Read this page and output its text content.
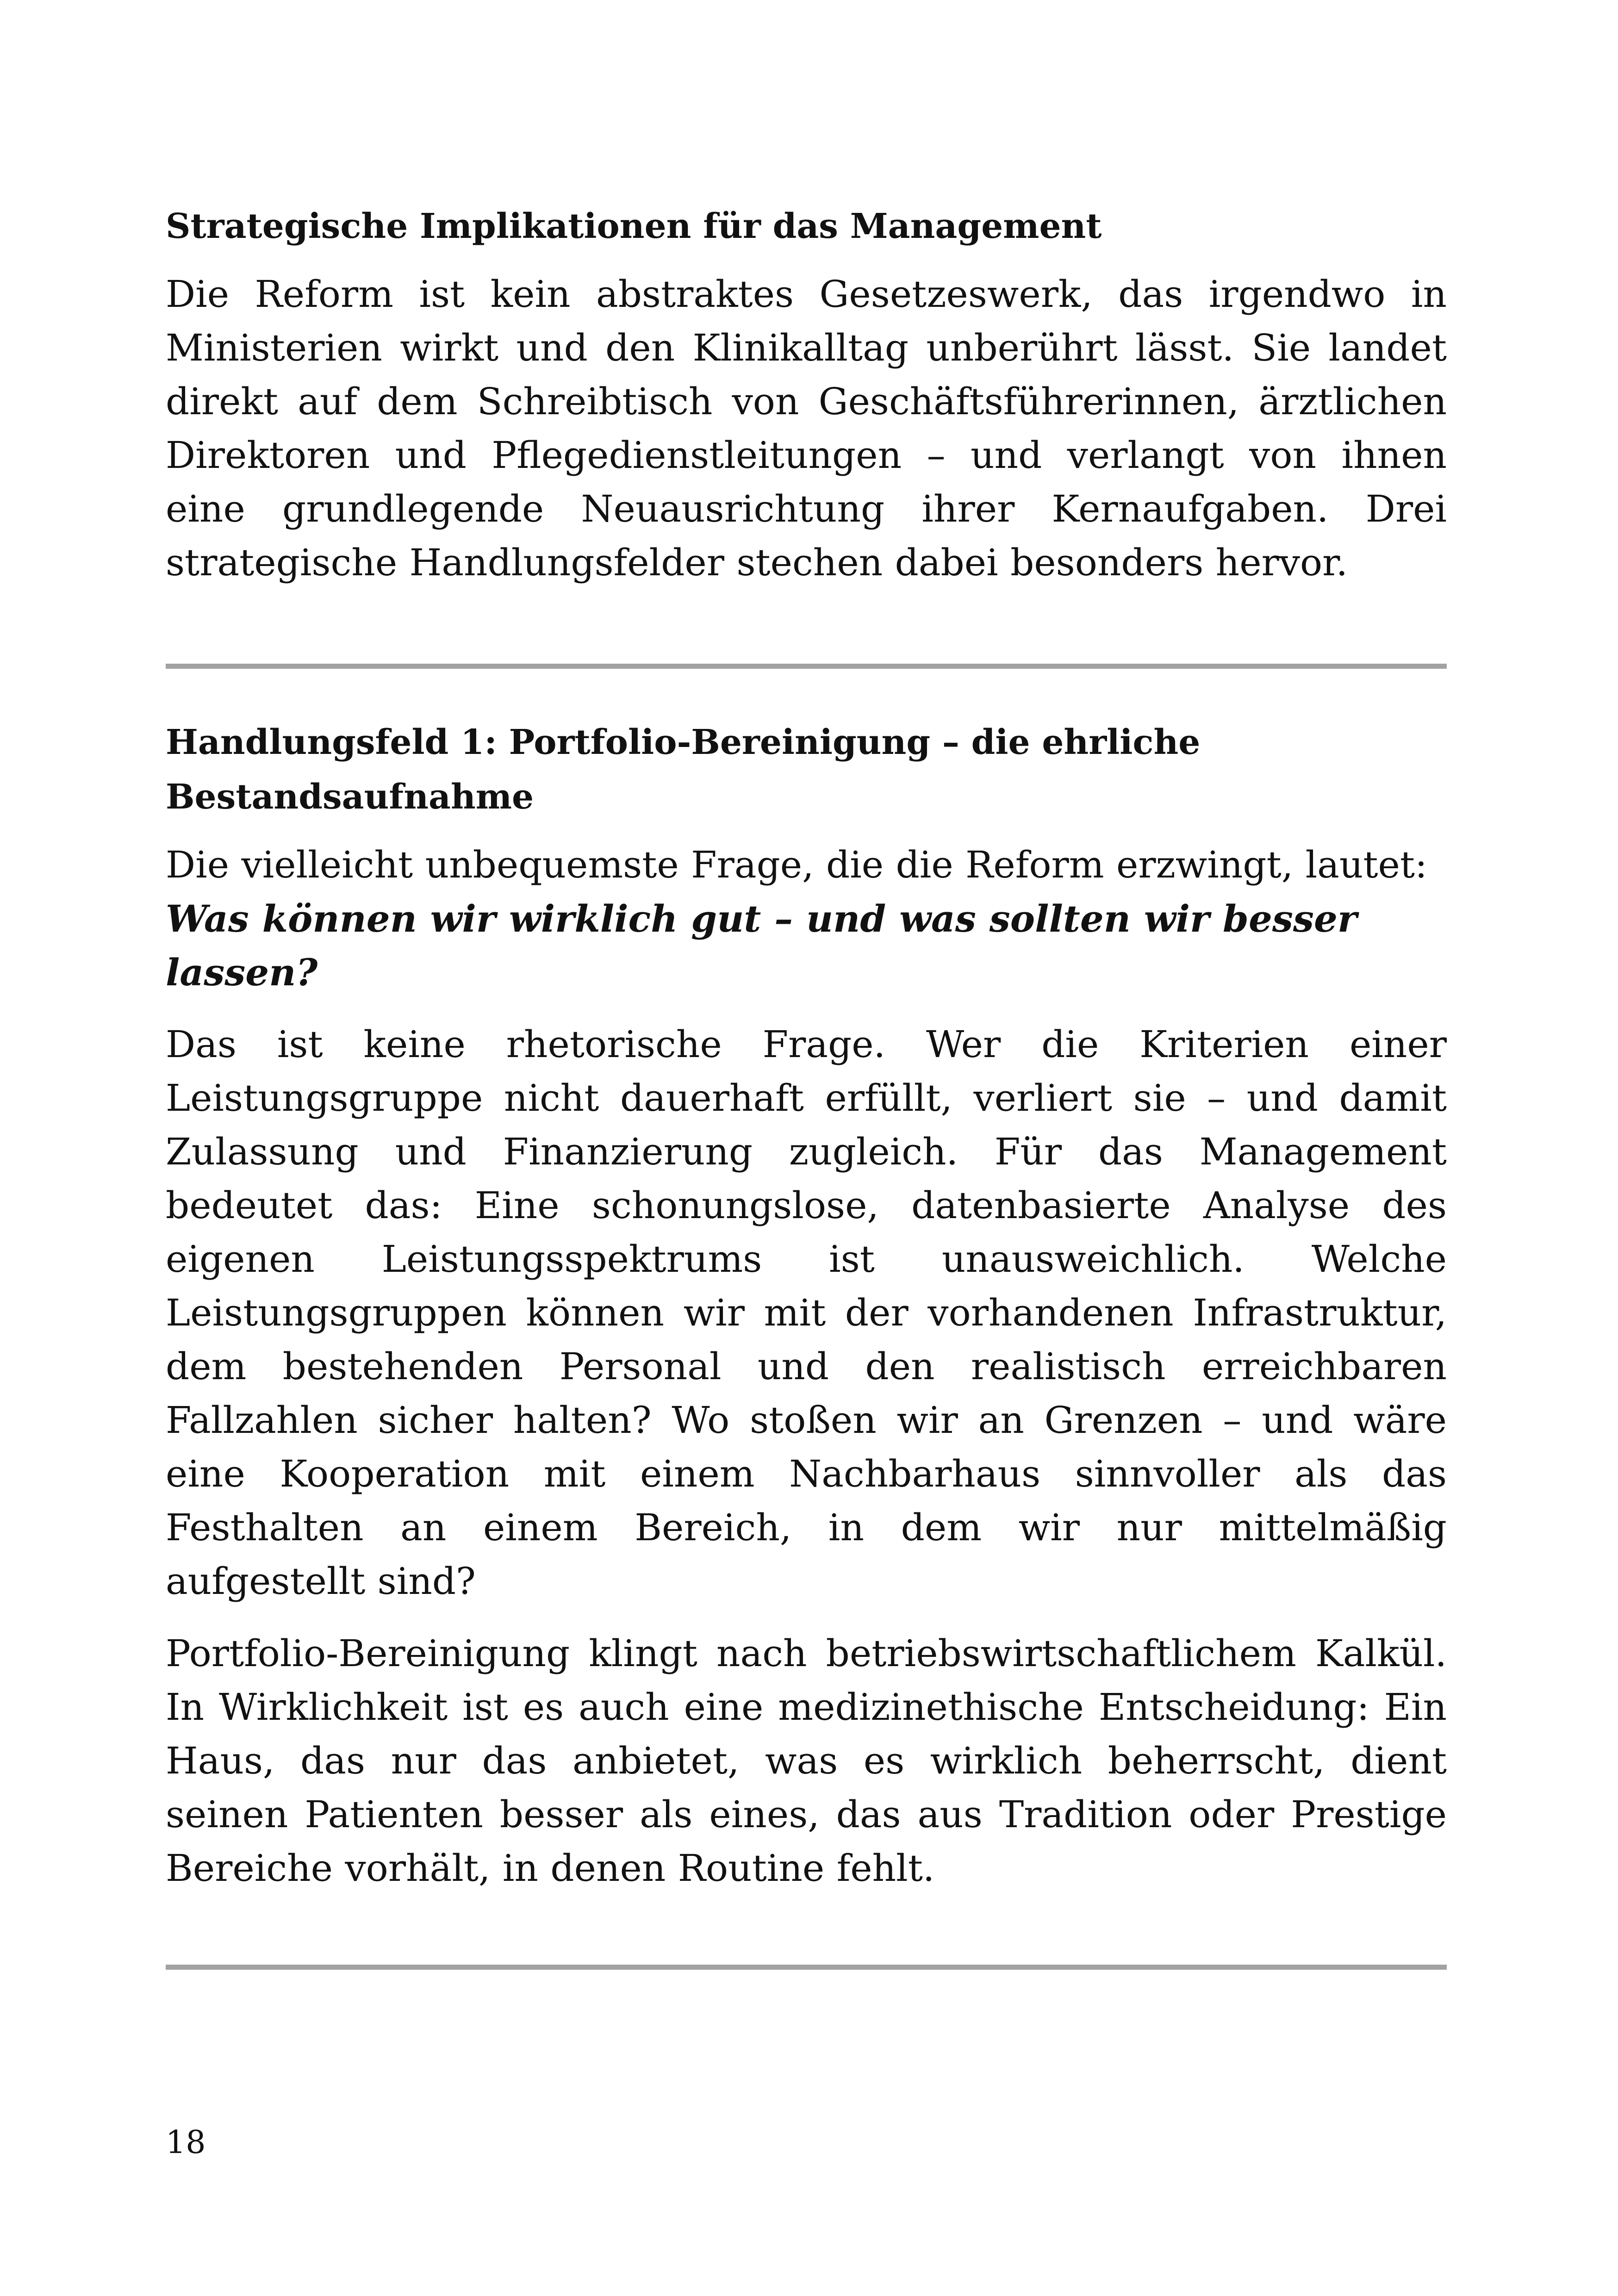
Strategische Implikationen für das Management

Die Reform ist kein abstraktes Gesetzeswerk, das irgendwo in Ministerien wirkt und den Klinikalltag unberührt lässt. Sie landet direkt auf dem Schreibtisch von Geschäftsführerinnen, ärztlichen Direktoren und Pflegedienstleitungen – und verlangt von ihnen eine grundlegende Neuausrichtung ihrer Kernaufgaben. Drei strategische Handlungsfelder stechen dabei besonders hervor.

Handlungsfeld 1: Portfolio-Bereinigung – die ehrliche Bestandsaufnahme

Die vielleicht unbequemste Frage, die die Reform erzwingt, lautet:
Was können wir wirklich gut – und was sollten wir besser lassen?

Das ist keine rhetorische Frage. Wer die Kriterien einer Leistungsgruppe nicht dauerhaft erfüllt, verliert sie – und damit Zulassung und Finanzierung zugleich. Für das Management bedeutet das: Eine schonungslose, datenbasierte Analyse des eigenen Leistungsspektrums ist unausweichlich. Welche Leistungsgruppen können wir mit der vorhandenen Infrastruktur, dem bestehenden Personal und den realistisch erreichbaren Fallzahlen sicher halten? Wo stoßen wir an Grenzen – und wäre eine Kooperation mit einem Nachbarhaus sinnvoller als das Festhalten an einem Bereich, in dem wir nur mittelmäßig aufgestellt sind?

Portfolio-Bereinigung klingt nach betriebswirtschaftlichem Kalkül. In Wirklichkeit ist es auch eine medizinethische Entscheidung: Ein Haus, das nur das anbietet, was es wirklich beherrscht, dient seinen Patienten besser als eines, das aus Tradition oder Prestige Bereiche vorhält, in denen Routine fehlt.

18
